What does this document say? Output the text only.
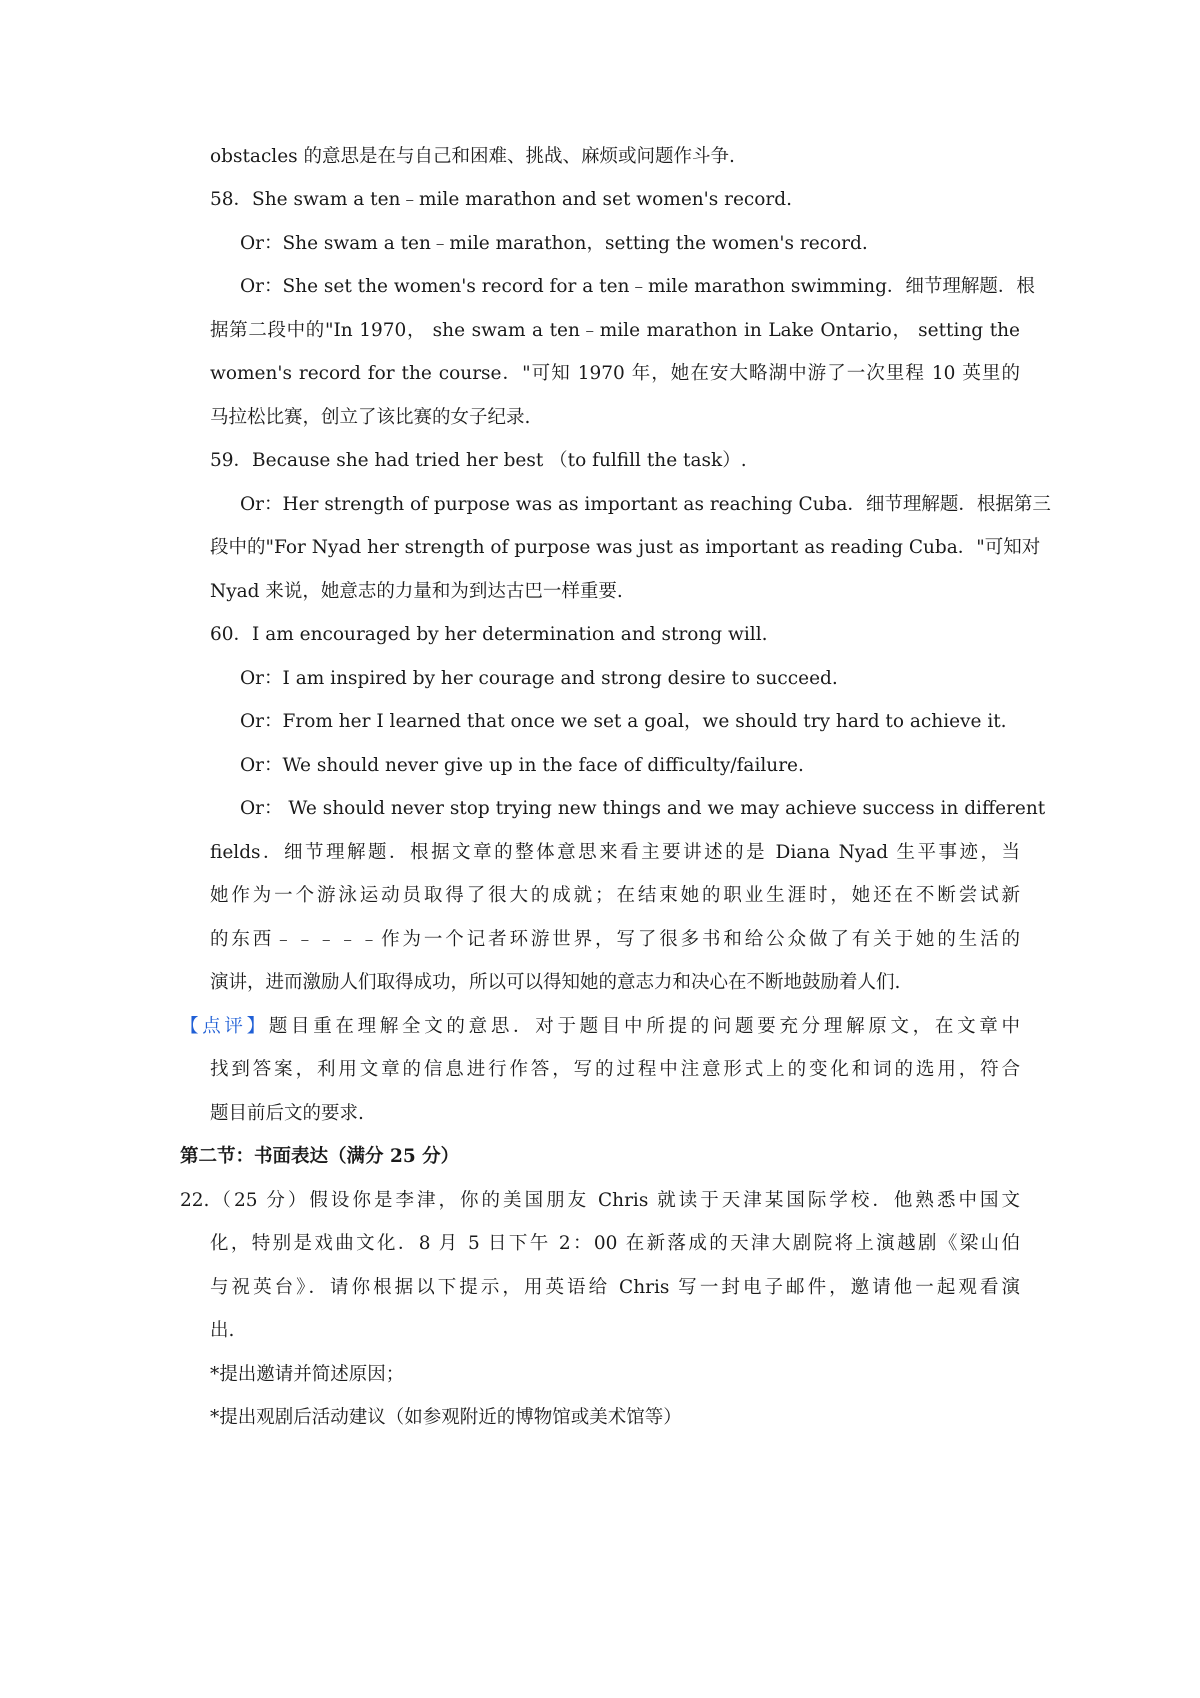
obstacles 的意思是在与自己和困难、挑战、麻烦或问题作斗争.
58．She swam a ten﹣mile marathon and set women's record.
Or：She swam a ten﹣mile marathon，setting the women's record.
Or：She set the women's record for a ten﹣mile marathon swimming．细节理解题．根
据第二段中的"In 1970， she swam a ten﹣mile marathon in Lake Ontario， setting the
women's record for the course．"可知 1970 年，她在安大略湖中游了一次里程 10 英里的
马拉松比赛，创立了该比赛的女子纪录.
59．Because she had tried her best （to fulfill the task）.
Or：Her strength of purpose was as important as reaching Cuba．细节理解题．根据第三
段中的"For Nyad her strength of purpose was just as important as reading Cuba．"可知对
Nyad 来说，她意志的力量和为到达古巴一样重要.
60．I am encouraged by her determination and strong will.
Or：I am inspired by her courage and strong desire to succeed.
Or：From her I learned that once we set a goal，we should try hard to achieve it.
Or：We should never give up in the face of difficulty/failure.
Or： We should never stop trying new things and we may achieve success in different
fields．细节理解题．根据文章的整体意思来看主要讲述的是 Diana Nyad 生平事迹，当
她作为一个游泳运动员取得了很大的成就；在结束她的职业生涯时，她还在不断尝试新
的东西﹣﹣﹣﹣﹣作为一个记者环游世界，写了很多书和给公众做了有关于她的生活的
演讲，进而激励人们取得成功，所以可以得知她的意志力和决心在不断地鼓励着人们.
【点评】题目重在理解全文的意思．对于题目中所提的问题要充分理解原文，在文章中
找到答案，利用文章的信息进行作答，写的过程中注意形式上的变化和词的选用，符合
题目前后文的要求.
第二节：书面表达（满分 25 分）
22.（25 分）假设你是李津，你的美国朋友 Chris 就读于天津某国际学校．他熟悉中国文
化，特别是戏曲文化．8 月 5 日下午 2：00 在新落成的天津大剧院将上演越剧《梁山伯
与祝英台》．请你根据以下提示，用英语给 Chris 写一封电子邮件，邀请他一起观看演
出.
*提出邀请并简述原因；
*提出观剧后活动建议（如参观附近的博物馆或美术馆等）
